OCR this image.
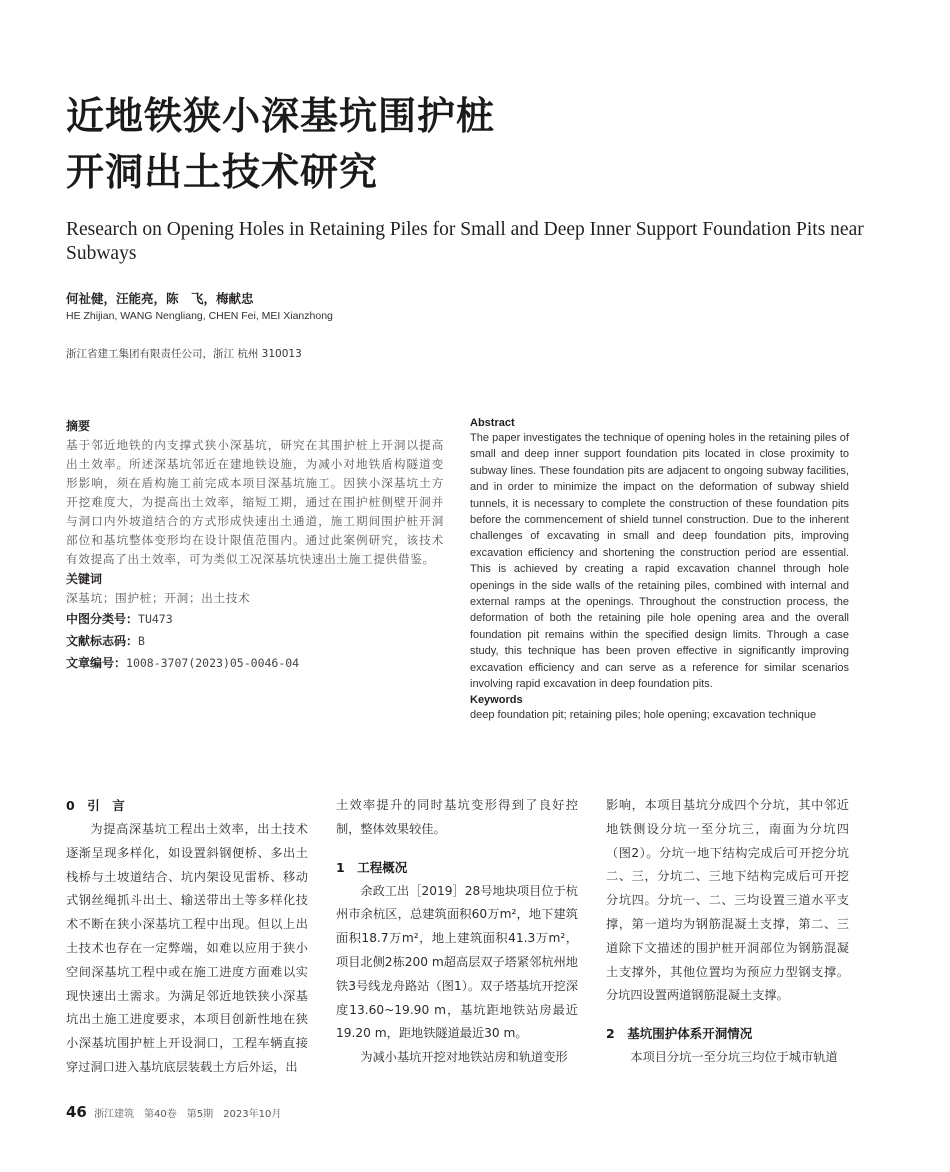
近地铁狭小深基坑围护桩
开洞出土技术研究

Research on Opening Holes in Retaining Piles for Small and Deep Inner Support Foundation Pits near Subways

何祉健，汪能亮，陈　飞，梅献忠
HE Zhijian, WANG Nengliang, CHEN Fei, MEI Xianzhong
浙江省建工集团有限责任公司，浙江 杭州 310013
摘要
基于邻近地铁的内支撑式狭小深基坑，研究在其围护桩上开洞以提高出土效率。所述深基坑邻近在建地铁设施，为减小对地铁盾构隧道变形影响，须在盾构施工前完成本项目深基坑施工。因狭小深基坑土方开挖难度大，为提高出土效率，缩短工期，通过在围护桩侧壁开洞并与洞口内外坡道结合的方式形成快速出土通道，施工期间围护桩开洞部位和基坑整体变形均在设计限值范围内。通过此案例研究，该技术有效提高了出土效率，可为类似工况深基坑快速出土施工提供借鉴。
关键词
深基坑；围护桩；开洞；出土技术
中图分类号：TU473
文献标志码：B
文章编号：1008-3707(2023)05-0046-04
Abstract
The paper investigates the technique of opening holes in the retaining piles of small and deep inner support foundation pits located in close proximity to subway lines. These foundation pits are adjacent to ongoing subway facilities, and in order to minimize the impact on the deformation of subway shield tunnels, it is necessary to complete the construction of these foundation pits before the commencement of shield tunnel construction. Due to the inherent challenges of excavating in small and deep foundation pits, improving excavation efficiency and shortening the construction period are essential. This is achieved by creating a rapid excavation channel through hole openings in the side walls of the retaining piles, combined with internal and external ramps at the openings. Throughout the construction process, the deformation of both the retaining pile hole opening area and the overall foundation pit remains within the specified design limits. Through a case study, this technique has been proven effective in significantly improving excavation efficiency and can serve as a reference for similar scenarios involving rapid excavation in deep foundation pits.
Keywords
deep foundation pit; retaining piles; hole opening; excavation technique
0　引　言

为提高深基坑工程出土效率，出土技术逐渐呈现多样化，如设置斜钢便桥、多出土栈桥与土坡道结合、坑内架设见雷桥、移动式钢丝绳抓斗出土、输送带出土等多样化技术不断在狭小深基坑工程中出现。但以上出土技术也存在一定弊端，如难以应用于狭小空间深基坑工程中或在施工进度方面难以实现快速出土需求。为满足邻近地铁狭小深基坑出土施工进度要求，本项目创新性地在狭小深基坑围护桩上开设洞口，工程车辆直接穿过洞口进入基坑底层装载土方后外运，出

土效率提升的同时基坑变形得到了良好控制，整体效果较佳。

1　工程概况

余政工出［2019］28号地块项目位于杭州市余杭区，总建筑面积60万m²，地下建筑面积18.7万m²，地上建筑面积41.3万m²，项目北侧2栋200 m超高层双子塔紧邻杭州地铁3号线龙舟路站（图1）。双子塔基坑开挖深度13.60~19.90 m，基坑距地铁站房最近19.20 m，距地铁隧道最近30 m。

为减小基坑开挖对地铁站房和轨道变形

影响，本项目基坑分成四个分坑，其中邻近地铁侧设分坑一至分坑三，南面为分坑四（图2）。分坑一地下结构完成后可开挖分坑二、三，分坑二、三地下结构完成后可开挖分坑四。分坑一、二、三均设置三道水平支撑，第一道均为钢筋混凝土支撑，第二、三道除下文描述的围护桩开洞部位为钢筋混凝土支撑外，其他位置均为预应力型钢支撑。分坑四设置两道钢筋混凝土支撑。

2　基坑围护体系开洞情况

本项目分坑一至分坑三均位于城市轨道

46 浙江建筑　第40卷　第5期　2023年10月
